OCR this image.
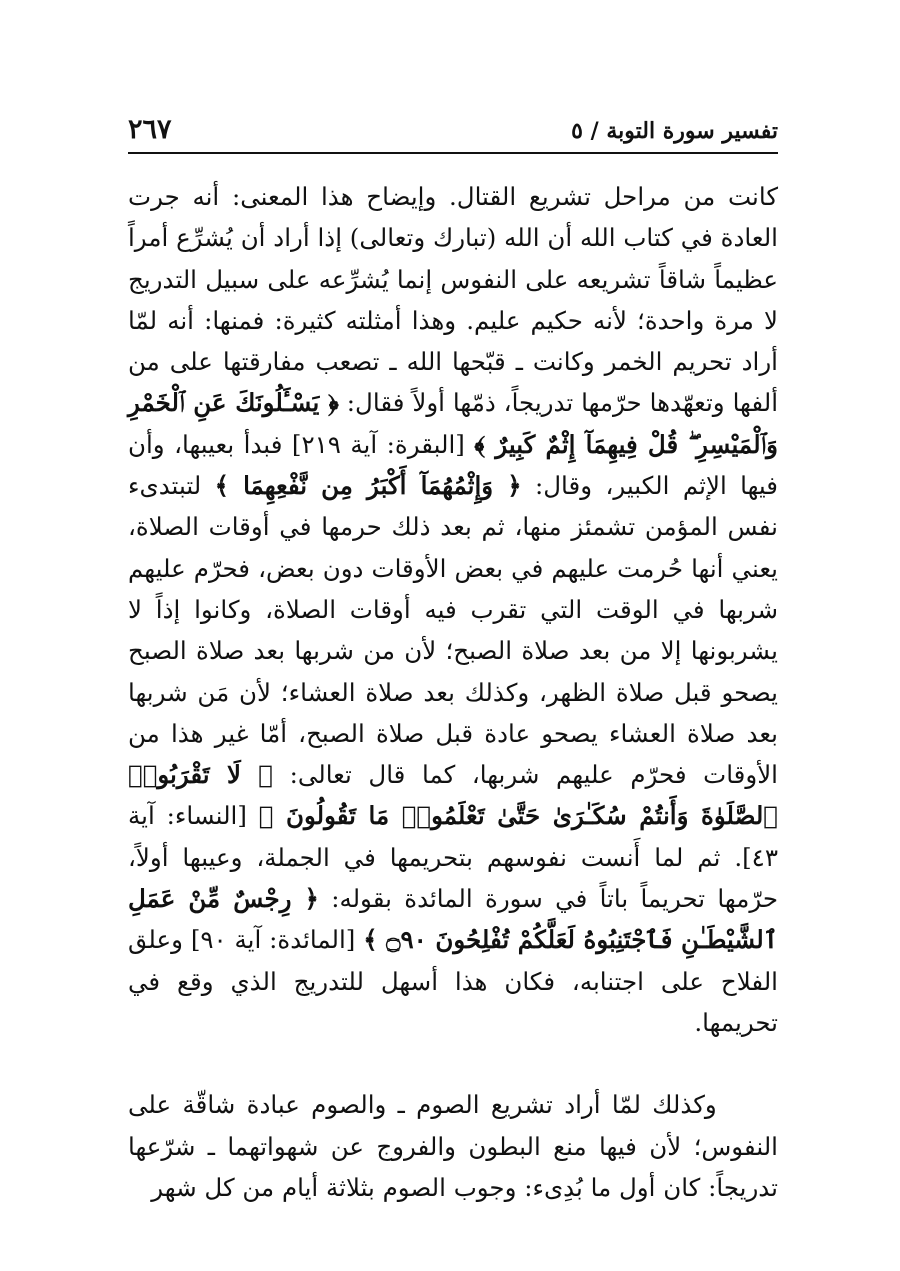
تفسير سورة التوبة / ٥
٢٦٧

كانت من مراحل تشريع القتال. وإيضاح هذا المعنى: أنه جرت العادة في كتاب الله أن الله (تبارك وتعالى) إذا أراد أن يُشرِّع أمراً عظيماً شاقاً تشريعه على النفوس إنما يُشرِّعه على سبيل التدريج لا مرة واحدة؛ لأنه حكيم عليم. وهذا أمثلته كثيرة: فمنها: أنه لمّا أراد تحريم الخمر وكانت ـ قبّحها الله ـ تصعب مفارقتها على من ألفها وتعهّدها حرّمها تدريجاً، ذمّها أولاً فقال: ﴿ يَسْـَٔلُونَكَ عَنِ ٱلْخَمْرِ وَٱلْمَيْسِرِ ۖ قُلْ فِيهِمَآ إِثْمٌ كَبِيرٌ ﴾ [البقرة: آية ٢١٩] فبدأ بعيبها، وأن فيها الإثم الكبير، وقال: ﴿ وَإِثْمُهُمَآ أَكْبَرُ مِن نَّفْعِهِمَا ﴾ لتبتدىء نفس المؤمن تشمئز منها، ثم بعد ذلك حرمها في أوقات الصلاة، يعني أنها حُرمت عليهم في بعض الأوقات دون بعض، فحرّم عليهم شربها في الوقت التي تقرب فيه أوقات الصلاة، وكانوا إذاً لا يشربونها إلا من بعد صلاة الصبح؛ لأن من شربها بعد صلاة الصبح يصحو قبل صلاة الظهر، وكذلك بعد صلاة العشاء؛ لأن مَن شربها بعد صلاة العشاء يصحو عادة قبل صلاة الصبح، أمّا غير هذا من الأوقات فحرّم عليهم شربها، كما قال تعالى: ﴿ لَا تَقْرَبُوا۟ ٱلصَّلَوٰةَ وَأَنتُمْ سُكَـٰرَىٰ حَتَّىٰ تَعْلَمُوا۟ مَا تَقُولُونَ ﴾ [النساء: آية ٤٣]. ثم لما أَنست نفوسهم بتحريمها في الجملة، وعيبها أولاً، حرّمها تحريماً باتاً في سورة المائدة بقوله: ﴿ رِجْسٌ مِّنْ عَمَلِ ٱلشَّيْطَـٰنِ فَٱجْتَنِبُوهُ لَعَلَّكُمْ تُفْلِحُونَ ۝٩٠ ﴾ [المائدة: آية ٩٠] وعلق الفلاح على اجتنابه، فكان هذا أسهل للتدريج الذي وقع في تحريمها.

وكذلك لمّا أراد تشريع الصوم ـ والصوم عبادة شاقّة على النفوس؛ لأن فيها منع البطون والفروج عن شهواتهما ـ شرّعها تدريجاً: كان أول ما بُدِىء: وجوب الصوم بثلاثة أيام من كل شهر
